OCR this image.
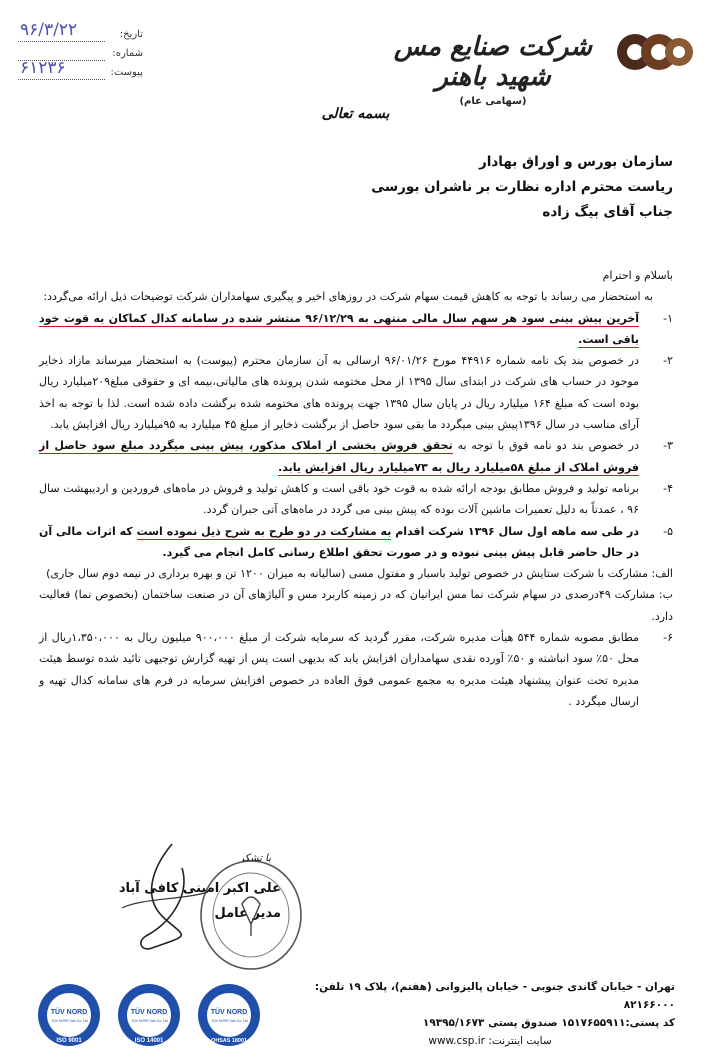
تاریخ:
۹۶/۳/۲۲
شماره:
پیوست:
۶۱۲۳۶
شرکت صنایع مس شهید باهنر
(سهامی عام)
بسمه تعالی
سازمان بورس و اوراق بهادار
ریاست محترم اداره نظارت بر ناشران بورسی
جناب آقای بیگ زاده

باسلام و احترام

به استحضار می رساند با توجه به کاهش قیمت سهام شرکت در روزهای اخیر و پیگیری سهامداران شرکت توضیحات ذیل ارائه می‌گردد:

۱-
آخرین پیش بینی سود هر سهم سال مالی منتهی به ۹۶/۱۲/۲۹ منتشر شده در سامانه کدال کماکان به قوت خود باقی است.
۲-
در خصوص بند یک نامه شماره ۴۴۹۱۶ مورخ ۹۶/۰۱/۲۶ ارسالی به آن سازمان محترم (پیوست) به استحضار میرساند مازاد ذخایر موجود در حساب های شرکت در ابتدای سال ۱۳۹۵ از محل مختومه شدن پرونده های مالیاتی،بیمه ای و حقوقی مبلغ۲۰۹میلیارد ریال بوده است که مبلغ ۱۶۴ میلیارد ریال در پایان سال ۱۳۹۵ جهت پرونده های مختومه شده برگشت داده شده است. لذا با توجه به اخذ آرای مناسب در سال ۱۳۹۶پیش بینی میگردد ما بقی سود حاصل از برگشت ذخایر از مبلغ ۴۵ میلیارد به ۹۵میلیارد ریال افزایش یابد.
۳-
در خصوص بند دو نامه فوق با توجه به تحقق فروش بخشی از املاک مذکور، پیش بینی میگردد مبلغ سود حاصل از فروش املاک از مبلغ ۵۸میلیارد ریال به ۷۳میلیارد ریال افزایش یابد.
۴-
برنامه تولید و فروش مطابق بودجه ارائه شده به قوت خود باقی است و کاهش تولید و فروش در ماه‌های فروردین و اردیبهشت سال ۹۶ ، عمدتاً به دلیل تعمیرات ماشین آلات بوده که پیش بینی می گردد در ماه‌های آتی جبران گردد.
۵-
در طی سه ماهه اول سال ۱۳۹۶ شرکت اقدام به مشارکت در دو طرح به شرح ذیل نموده است که اثرات مالی آن در حال حاضر قابل پیش بینی نبوده و در صورت تحقق اطلاع رسانی کامل انجام می گیرد.

الف: مشارکت با شرکت ستایش در خصوص تولید باسبار و مفتول مسی (سالیانه به میزان ۱۲۰۰ تن و بهره برداری در نیمه دوم سال جاری)

ب: مشارکت ۴۹درصدی در سهام شرکت نما مس ایرانیان که در زمینه کاربرد مس و آلیاژهای آن در صنعت ساختمان (بخصوص نما) فعالیت دارد.

۶-
مطابق مصوبه شماره ۵۴۴ هیأت مدیره شرکت، مقرر گردید که سرمایه شرکت از مبلغ ۹۰۰،۰۰۰ میلیون ریال به ۱،۳۵۰،۰۰۰ریال از محل ۵۰٪ سود انباشته و ۵۰٪ آورده نقدی سهامداران افزایش یابد که بدیهی است پس از تهیه گزارش توجیهی تائید شده توسط هیئت مدیره تحت عنوان پیشنهاد هیئت مدیره به مجمع عمومی فوق العاده در خصوص افزایش سرمایه در فرم های سامانه کدال تهیه و ارسال میگردد .
با تشکر
علی اکبر امینی کافی آباد
مدیر عامل
تهران - خیابان گاندی جنوبی - خیابان پالیزوانی (هفتم)، پلاک ۱۹ تلفن: ۸۲۱۶۶۰۰۰
کد پستی:۱۵۱۷۶۵۵۹۱۱ صندوق پستی ۱۹۳۹۵/۱۶۷۳
سایت اینترنت: www.csp.ir
TÜV NORD
TÜV NORD Iran Co. Ltd.
ISO 9001
TÜV NORD
TÜV NORD Iran Co. Ltd.
ISO 14001
TÜV NORD
TÜV NORD Iran Co. Ltd.
OHSAS 18001
